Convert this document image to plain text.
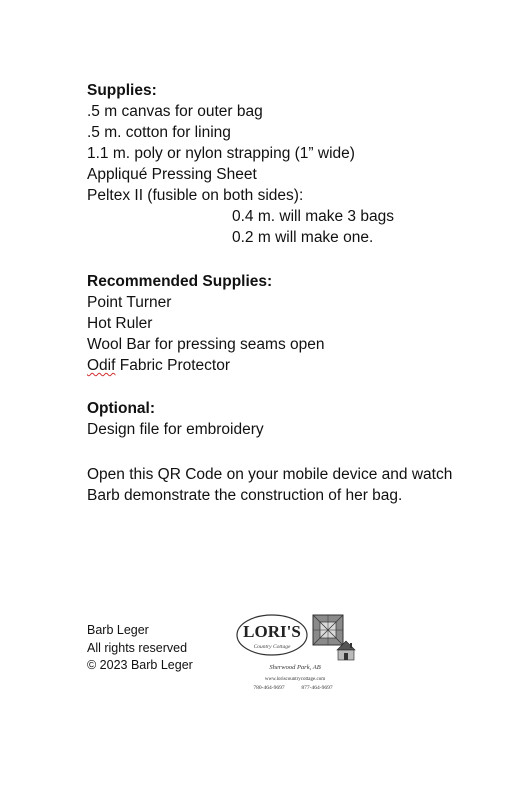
Supplies:

.5 m canvas for outer bag

.5 m. cotton for lining

1.1 m. poly or nylon strapping (1” wide)

Appliqué Pressing Sheet

Peltex II (fusible on both sides):

0.4 m. will make 3 bags

0.2 m will make one.

Recommended Supplies:

Point Turner

Hot Ruler

Wool Bar for pressing seams open

Odif Fabric Protector

Optional:

Design file for embroidery

Open this QR Code on your mobile device and watch

Barb demonstrate the construction of her bag.

Barb Leger

All rights reserved

© 2023 Barb Leger

LORI'S
Country Cottage
Sherwood Park, AB
www.loriscountrycottage.com
780-464-9697	877-464-9697
